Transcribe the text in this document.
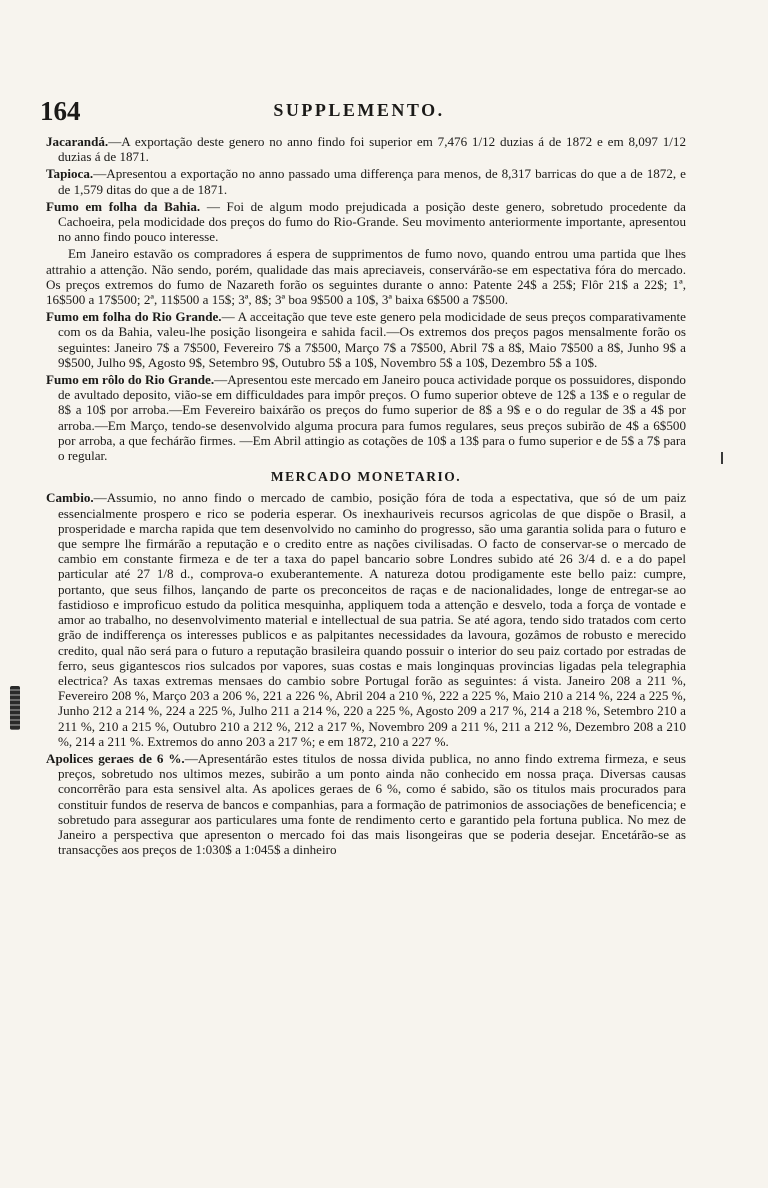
164	SUPPLEMENTO.

Jacarandá.—A exportação deste genero no anno findo foi superior em 7,476 1/12 duzias á de 1872 e em 8,097 1/12 duzias á de 1871.

Tapioca.—Apresentou a exportação no anno passado uma differença para menos, de 8,317 barricas do que a de 1872, e de 1,579 ditas do que a de 1871.

Fumo em folha da Bahia. — Foi de algum modo prejudicada a posição deste genero, sobretudo procedente da Cachoeira, pela modicidade dos preços do fumo do Rio-Grande. Seu movimento anteriormente importante, apresentou no anno findo pouco interesse.

Em Janeiro estavão os compradores á espera de supprimentos de fumo novo, quando entrou uma partida que lhes attrahio a attenção. Não sendo, porém, qualidade das mais apreciaveis, conservárão-se em espectativa fóra do mercado. Os preços extremos do fumo de Nazareth forão os seguintes durante o anno: Patente 24$ a 25$; Flôr 21$ a 22$; 1ª, 16$500 a 17$500; 2ª, 11$500 a 15$; 3ª, 8$; 3ª boa 9$500 a 10$, 3ª baixa 6$500 a 7$500.

Fumo em folha do Rio Grande.— A acceitação que teve este genero pela modicidade de seus preços comparativamente com os da Bahia, valeu-lhe posição lisongeira e sahida facil.—Os extremos dos preços pagos mensalmente forão os seguintes: Janeiro 7$ a 7$500, Fevereiro 7$ a 7$500, Março 7$ a 7$500, Abril 7$ a 8$, Maio 7$500 a 8$, Junho 9$ a 9$500, Julho 9$, Agosto 9$, Setembro 9$, Outubro 5$ a 10$, Novembro 5$ a 10$, Dezembro 5$ a 10$.

Fumo em rôlo do Rio Grande.—Apresentou este mercado em Janeiro pouca actividade porque os possuidores, dispondo de avultado deposito, vião-se em difficuldades para impôr preços. O fumo superior obteve de 12$ a 13$ e o regular de 8$ a 10$ por arroba.—Em Fevereiro baixárão os preços do fumo superior de 8$ a 9$ e o do regular de 3$ a 4$ por arroba.—Em Março, tendo-se desenvolvido alguma procura para fumos regulares, seus preços subirão de 4$ a 6$500 por arroba, a que fechárão firmes. —Em Abril attingio as cotações de 10$ a 13$ para o fumo superior e de 5$ a 7$ para o regular.

MERCADO MONETARIO.

Cambio.—Assumio, no anno findo o mercado de cambio, posição fóra de toda a espectativa, que só de um paiz essencialmente prospero e rico se poderia esperar. Os inexhauriveis recursos agricolas de que dispõe o Brasil, a prosperidade e marcha rapida que tem desenvolvido no caminho do progresso, são uma garantia solida para o futuro e que sempre lhe firmárão a reputação e o credito entre as nações civilisadas. O facto de conservar-se o mercado de cambio em constante firmeza e de ter a taxa do papel bancario sobre Londres subido até 26 3/4 d. e a do papel particular até 27 1/8 d., comprova-o exuberantemente. A natureza dotou prodigamente este bello paiz: cumpre, portanto, que seus filhos, lançando de parte os preconceitos de raças e de nacionalidades, longe de entregar-se ao fastidioso e improficuo estudo da politica mesquinha, appliquem toda a attenção e desvelo, toda a força de vontade e amor ao trabalho, no desenvolvimento material e intellectual de sua patria. Se até agora, tendo sido tratados com certo grão de indifferença os interesses publicos e as palpitantes necessidades da lavoura, gozâmos de robusto e merecido credito, qual não será para o futuro a reputação brasileira quando possuir o interior do seu paiz cortado por estradas de ferro, seus gigantescos rios sulcados por vapores, suas costas e mais longinquas provincias ligadas pela telegraphia electrica? As taxas extremas mensaes do cambio sobre Portugal forão as seguintes: á vista. Janeiro 208 a 211 %, Fevereiro 208 %, Março 203 a 206 %, 221 a 226 %, Abril 204 a 210 %, 222 a 225 %, Maio 210 a 214 %, 224 a 225 %, Junho 212 a 214 %, 224 a 225 %, Julho 211 a 214 %, 220 a 225 %, Agosto 209 a 217 %, 214 a 218 %, Setembro 210 a 211 %, 210 a 215 %, Outubro 210 a 212 %, 212 a 217 %, Novembro 209 a 211 %, 211 a 212 %, Dezembro 208 a 210 %, 214 a 211 %. Extremos do anno 203 a 217 %; e em 1872, 210 a 227 %.

Apolices geraes de 6 %.—Apresentárão estes titulos de nossa divida publica, no anno findo extrema firmeza, e seus preços, sobretudo nos ultimos mezes, subirão a um ponto ainda não conhecido em nossa praça. Diversas causas concorrêrão para esta sensivel alta. As apolices geraes de 6 %, como é sabido, são os titulos mais procurados para constituir fundos de reserva de bancos e companhias, para a formação de patrimonios de associações de beneficencia; e sobretudo para assegurar aos particulares uma fonte de rendimento certo e garantido pela fortuna publica. No mez de Janeiro a perspectiva que apresenton o mercado foi das mais lisongeiras que se poderia desejar. Encetárão-se as transacções aos preços de 1:030$ a 1:045$ a dinheiro
